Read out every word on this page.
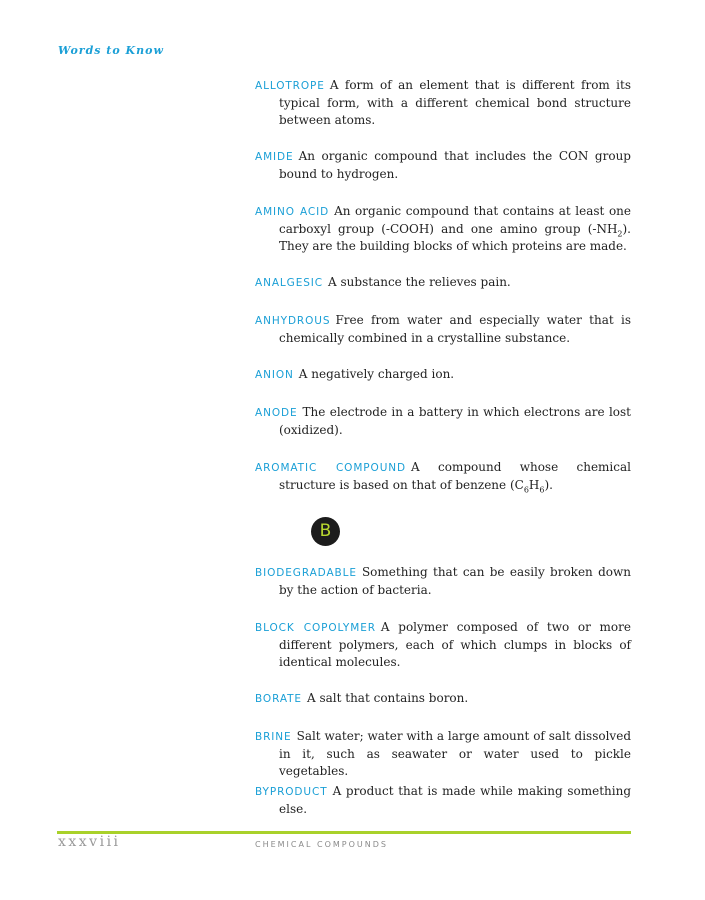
Words to Know
ALLOTROPE A form of an element that is different from its typical form, with a different chemical bond structure between atoms.
AMIDE An organic compound that includes the CON group bound to hydrogen.
AMINO ACID An organic compound that contains at least one carboxyl group (-COOH) and one amino group $(-NH_2)$. They are the building blocks of which proteins are made.
ANALGESIC A substance the relieves pain.
ANHYDROUS Free from water and especially water that is chemically combined in a crystalline substance.
ANION A negatively charged ion.
ANODE The electrode in a battery in which electrons are lost (oxidized).
AROMATIC COMPOUND A compound whose chemical structure is based on that of benzene $(C_6H_6)$.
BIODEGRADABLE Something that can be easily broken down by the action of bacteria.
BLOCK COPOLYMER A polymer composed of two or more different polymers, each of which clumps in blocks of identical molecules.
BORATE A salt that contains boron.
BRINE Salt water; water with a large amount of salt dissolved in it, such as seawater or water used to pickle vegetables.
BYPRODUCT A product that is made while making something else.
B
xxxviii	CHEMICAL COMPOUNDS
